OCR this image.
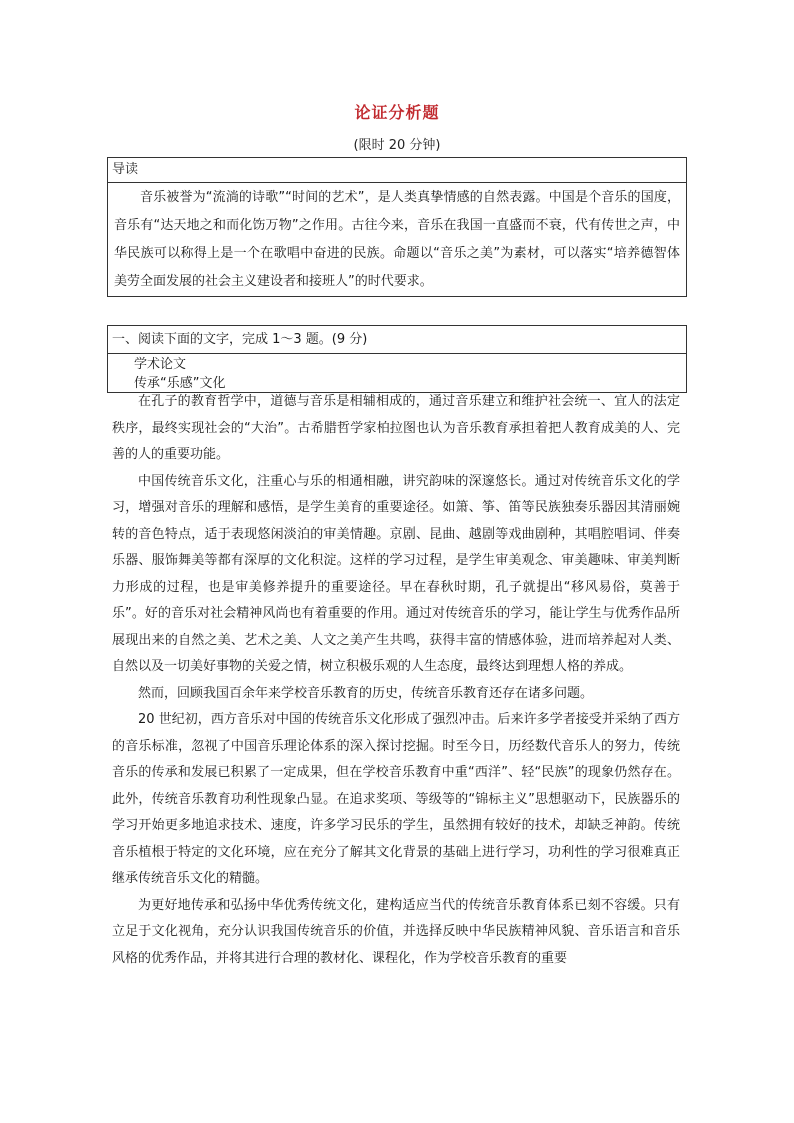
论证分析题
(限时 20 分钟)
导读
音乐被誉为“流淌的诗歌”“时间的艺术”，是人类真挚情感的自然表露。中国是个音乐的国度，音乐有“达天地之和而化饬万物”之作用。古往今来，音乐在我国一直盛而不衰，代有传世之声，中华民族可以称得上是一个在歌唱中奋进的民族。命题以“音乐之美”为素材，可以落实“培养德智体美劳全面发展的社会主义建设者和接班人”的时代要求。
一、阅读下面的文字，完成 1～3 题。(9 分)
学术论文
传承“乐感”文化

在孔子的教育哲学中，道德与音乐是相辅相成的，通过音乐建立和维护社会统一、宜人的法定秩序，最终实现社会的“大治”。古希腊哲学家柏拉图也认为音乐教育承担着把人教育成美的人、完善的人的重要功能。

中国传统音乐文化，注重心与乐的相通相融，讲究韵味的深邃悠长。通过对传统音乐文化的学习，增强对音乐的理解和感悟，是学生美育的重要途径。如箫、筝、笛等民族独奏乐器因其清丽婉转的音色特点，适于表现悠闲淡泊的审美情趣。京剧、昆曲、越剧等戏曲剧种，其唱腔唱词、伴奏乐器、服饰舞美等都有深厚的文化积淀。这样的学习过程，是学生审美观念、审美趣味、审美判断力形成的过程，也是审美修养提升的重要途径。早在春秋时期，孔子就提出“移风易俗，莫善于乐”。好的音乐对社会精神风尚也有着重要的作用。通过对传统音乐的学习，能让学生与优秀作品所展现出来的自然之美、艺术之美、人文之美产生共鸣，获得丰富的情感体验，进而培养起对人类、自然以及一切美好事物的关爱之情，树立积极乐观的人生态度，最终达到理想人格的养成。

然而，回顾我国百余年来学校音乐教育的历史，传统音乐教育还存在诸多问题。

20 世纪初，西方音乐对中国的传统音乐文化形成了强烈冲击。后来许多学者接受并采纳了西方的音乐标准，忽视了中国音乐理论体系的深入探讨挖掘。时至今日，历经数代音乐人的努力，传统音乐的传承和发展已积累了一定成果，但在学校音乐教育中重“西洋”、轻“民族”的现象仍然存在。此外，传统音乐教育功利性现象凸显。在追求奖项、等级等的“锦标主义”思想驱动下，民族器乐的学习开始更多地追求技术、速度，许多学习民乐的学生，虽然拥有较好的技术，却缺乏神韵。传统音乐植根于特定的文化环境，应在充分了解其文化背景的基础上进行学习，功利性的学习很难真正继承传统音乐文化的精髓。

为更好地传承和弘扬中华优秀传统文化，建构适应当代的传统音乐教育体系已刻不容缓。只有立足于文化视角，充分认识我国传统音乐的价值，并选择反映中华民族精神风貌、音乐语言和音乐风格的优秀作品，并将其进行合理的教材化、课程化，作为学校音乐教育的重要
